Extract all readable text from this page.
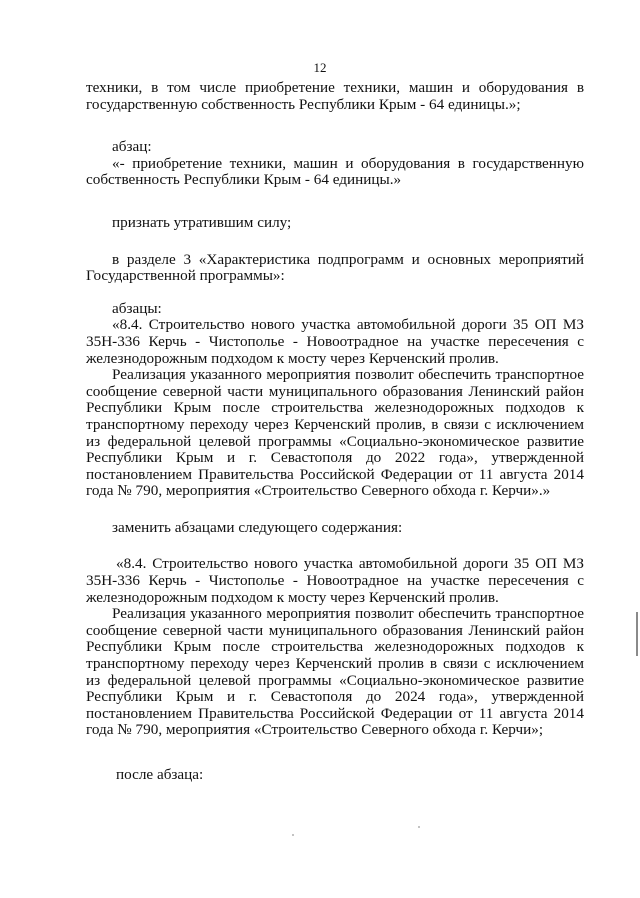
12

техники, в том числе приобретение техники, машин и оборудования в государственную собственность Республики Крым - 64 единицы.»;

абзац:

«- приобретение техники, машин и оборудования в государственную собственность Республики Крым - 64 единицы.»

признать утратившим силу;

в разделе 3 «Характеристика подпрограмм и основных мероприятий Государственной программы»:

абзацы:

«8.4. Строительство нового участка автомобильной дороги 35 ОП МЗ 35Н-336 Керчь - Чистополье - Новоотрадное на участке пересечения с железнодорожным подходом к мосту через Керченский пролив.

Реализация указанного мероприятия позволит обеспечить транспортное сообщение северной части муниципального образования Ленинский район Республики Крым после строительства железнодорожных подходов к транспортному переходу через Керченский пролив, в связи с исключением из федеральной целевой программы «Социально-экономическое развитие Республики Крым и г. Севастополя до 2022 года», утвержденной постановлением Правительства Российской Федерации от 11 августа 2014 года № 790, мероприятия «Строительство Северного обхода г. Керчи».»

заменить абзацами следующего содержания:

«8.4. Строительство нового участка автомобильной дороги 35 ОП МЗ 35Н-336 Керчь - Чистополье - Новоотрадное на участке пересечения с железнодорожным подходом к мосту через Керченский пролив.

Реализация указанного мероприятия позволит обеспечить транспортное сообщение северной части муниципального образования Ленинский район Республики Крым после строительства железнодорожных подходов к транспортному переходу через Керченский пролив в связи с исключением из федеральной целевой программы «Социально-экономическое развитие Республики Крым и г. Севастополя до 2024 года», утвержденной постановлением Правительства Российской Федерации от 11 августа 2014 года № 790, мероприятия «Строительство Северного обхода г. Керчи»;

после абзаца:
